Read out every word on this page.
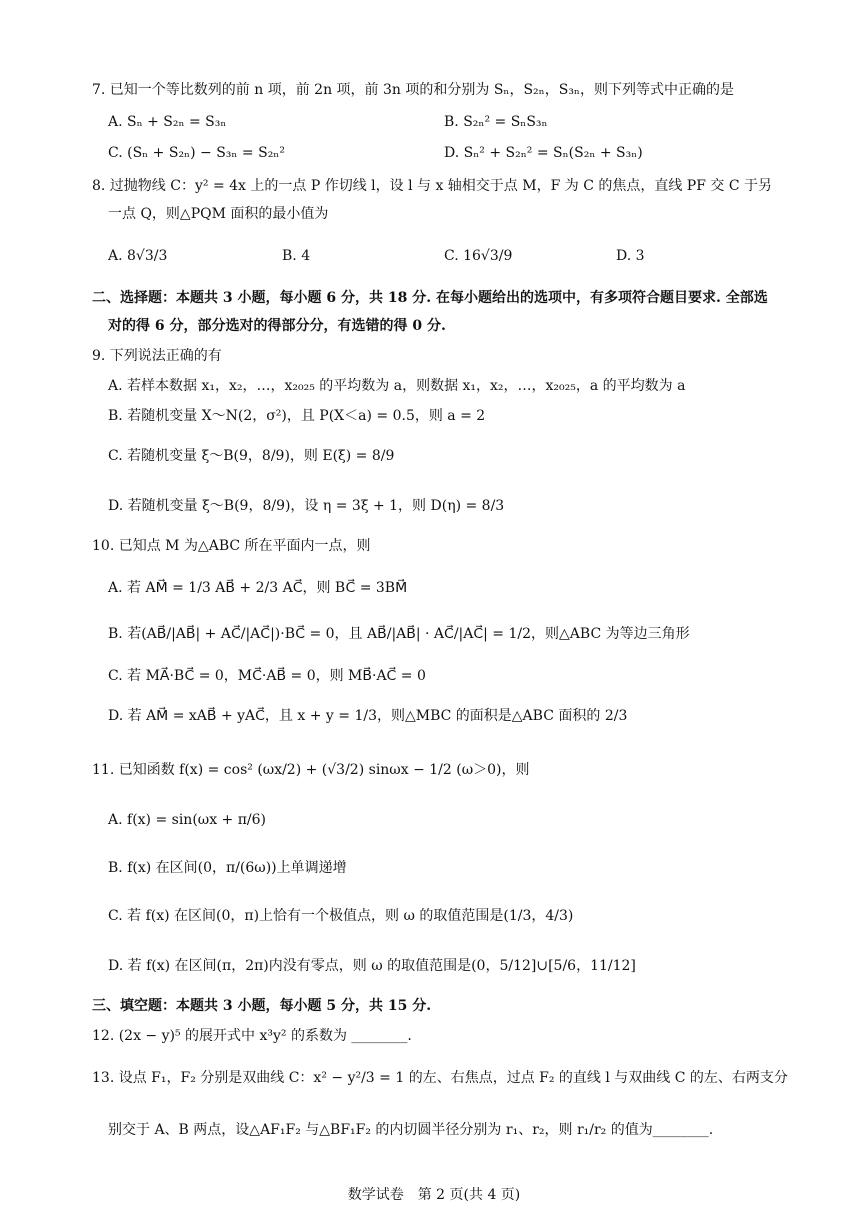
7. 已知一个等比数列的前 n 项，前 2n 项，前 3n 项的和分别为 Sₙ，S₂ₙ，S₃ₙ，则下列等式中正确的是
A. Sₙ + S₂ₙ = S₃ₙ	B. S₂ₙ² = SₙS₃ₙ
C. (Sₙ + S₂ₙ) − S₃ₙ = S₂ₙ²	D. Sₙ² + S₂ₙ² = Sₙ(S₂ₙ + S₃ₙ)
8. 过抛物线 C：y² = 4x 上的一点 P 作切线 l，设 l 与 x 轴相交于点 M，F 为 C 的焦点，直线 PF 交 C 于另
一点 Q，则△PQM 面积的最小值为
A. 8√3/3	B. 4	C. 16√3/9	D. 3
二、选择题：本题共 3 小题，每小题 6 分，共 18 分. 在每小题给出的选项中，有多项符合题目要求. 全部选
对的得 6 分，部分选对的得部分分，有选错的得 0 分.
9. 下列说法正确的有
A. 若样本数据 x₁，x₂，…，x₂₀₂₅ 的平均数为 a，则数据 x₁，x₂，…，x₂₀₂₅，a 的平均数为 a
B. 若随机变量 X～N(2，σ²)，且 P(X＜a) = 0.5，则 a = 2
C. 若随机变量 ξ～B(9，8/9)，则 E(ξ) = 8/9
D. 若随机变量 ξ～B(9，8/9)，设 η = 3ξ + 1，则 D(η) = 8/3
10. 已知点 M 为△ABC 所在平面内一点，则
A. 若 AM⃗ = 1/3 AB⃗ + 2/3 AC⃗，则 BC⃗ = 3BM⃗
B. 若(AB⃗/|AB⃗| + AC⃗/|AC⃗|)·BC⃗ = 0，且 AB⃗/|AB⃗| · AC⃗/|AC⃗| = 1/2，则△ABC 为等边三角形
C. 若 MA⃗·BC⃗ = 0，MC⃗·AB⃗ = 0，则 MB⃗·AC⃗ = 0
D. 若 AM⃗ = xAB⃗ + yAC⃗，且 x + y = 1/3，则△MBC 的面积是△ABC 面积的 2/3
11. 已知函数 f(x) = cos² (ωx/2) + (√3/2) sinωx − 1/2 (ω＞0)，则
A. f(x) = sin(ωx + π/6)
B. f(x) 在区间(0，π/(6ω))上单调递增
C. 若 f(x) 在区间(0，π)上恰有一个极值点，则 ω 的取值范围是(1/3，4/3)
D. 若 f(x) 在区间(π，2π)内没有零点，则 ω 的取值范围是(0，5/12]∪[5/6，11/12]
三、填空题：本题共 3 小题，每小题 5 分，共 15 分.
12. (2x − y)⁵ 的展开式中 x³y² 的系数为 ________.
13. 设点 F₁，F₂ 分别是双曲线 C：x² − y²/3 = 1 的左、右焦点，过点 F₂ 的直线 l 与双曲线 C 的左、右两支分
别交于 A、B 两点，设△AF₁F₂ 与△BF₁F₂ 的内切圆半径分别为 r₁、r₂，则 r₁/r₂ 的值为________.
数学试卷　第 2 页(共 4 页)
